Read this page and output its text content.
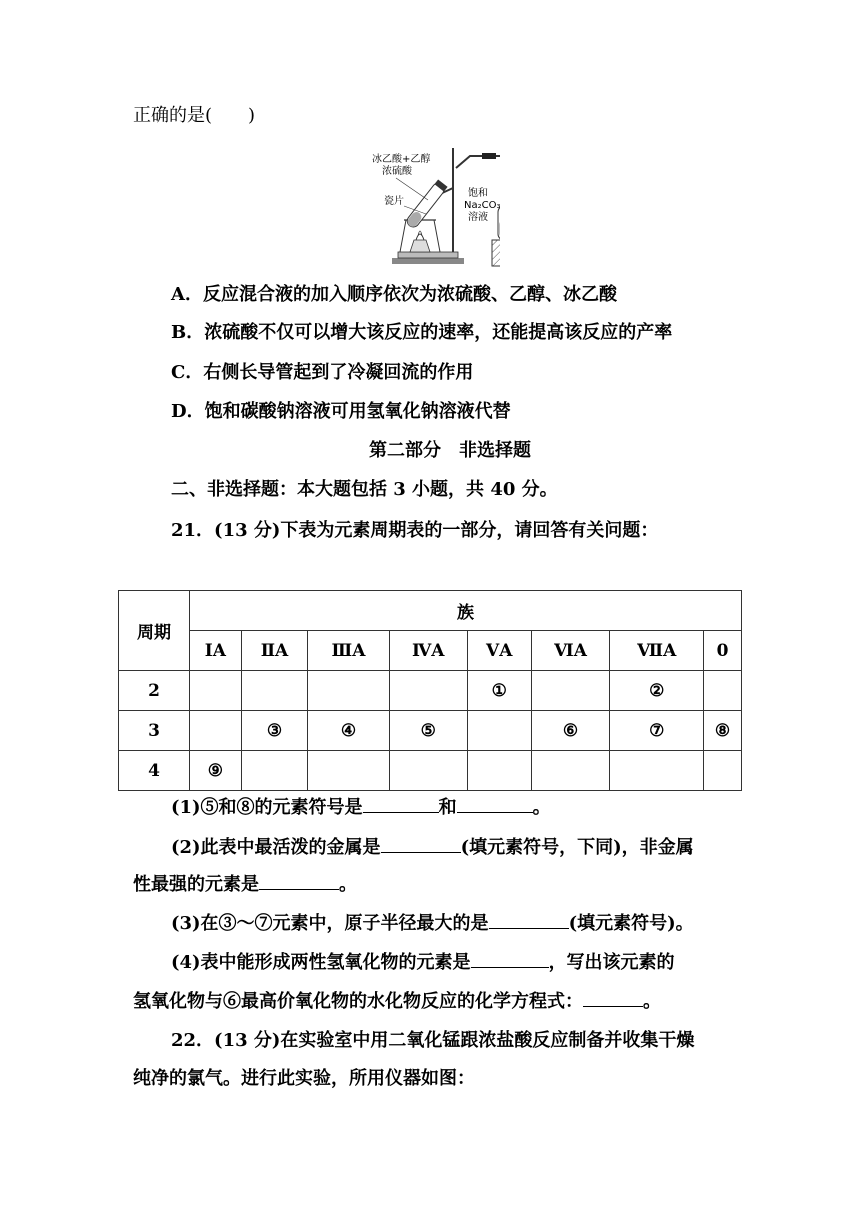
正确的是(　　)
冰乙酸+乙醇
浓硫酸
瓷片
饱和
Na₂CO₃
溶液
A．反应混合液的加入顺序依次为浓硫酸、乙醇、冰乙酸
B．浓硫酸不仅可以增大该反应的速率，还能提高该反应的产率
C．右侧长导管起到了冷凝回流的作用
D．饱和碳酸钠溶液可用氢氧化钠溶液代替
第二部分　非选择题
二、非选择题：本大题包括 3 小题，共 40 分。
21．(13 分)下表为元素周期表的一部分，请回答有关问题：
周期	族							
	ⅠA	ⅡA	ⅢA	ⅣA	ⅤA	ⅥA	ⅦA	0
2					①		②	
3		③	④	⑤		⑥	⑦	⑧
4	⑨							
(1)⑤和⑧的元素符号是	和	。
(2)此表中最活泼的金属是	(填元素符号，下同)，非金属
性最强的元素是	。
(3)在③～⑦元素中，原子半径最大的是	(填元素符号)。
(4)表中能形成两性氢氧化物的元素是	，写出该元素的
氢氧化物与⑥最高价氧化物的水化物反应的化学方程式：	。
22．(13 分)在实验室中用二氧化锰跟浓盐酸反应制备并收集干燥
纯净的氯气。进行此实验，所用仪器如图：
